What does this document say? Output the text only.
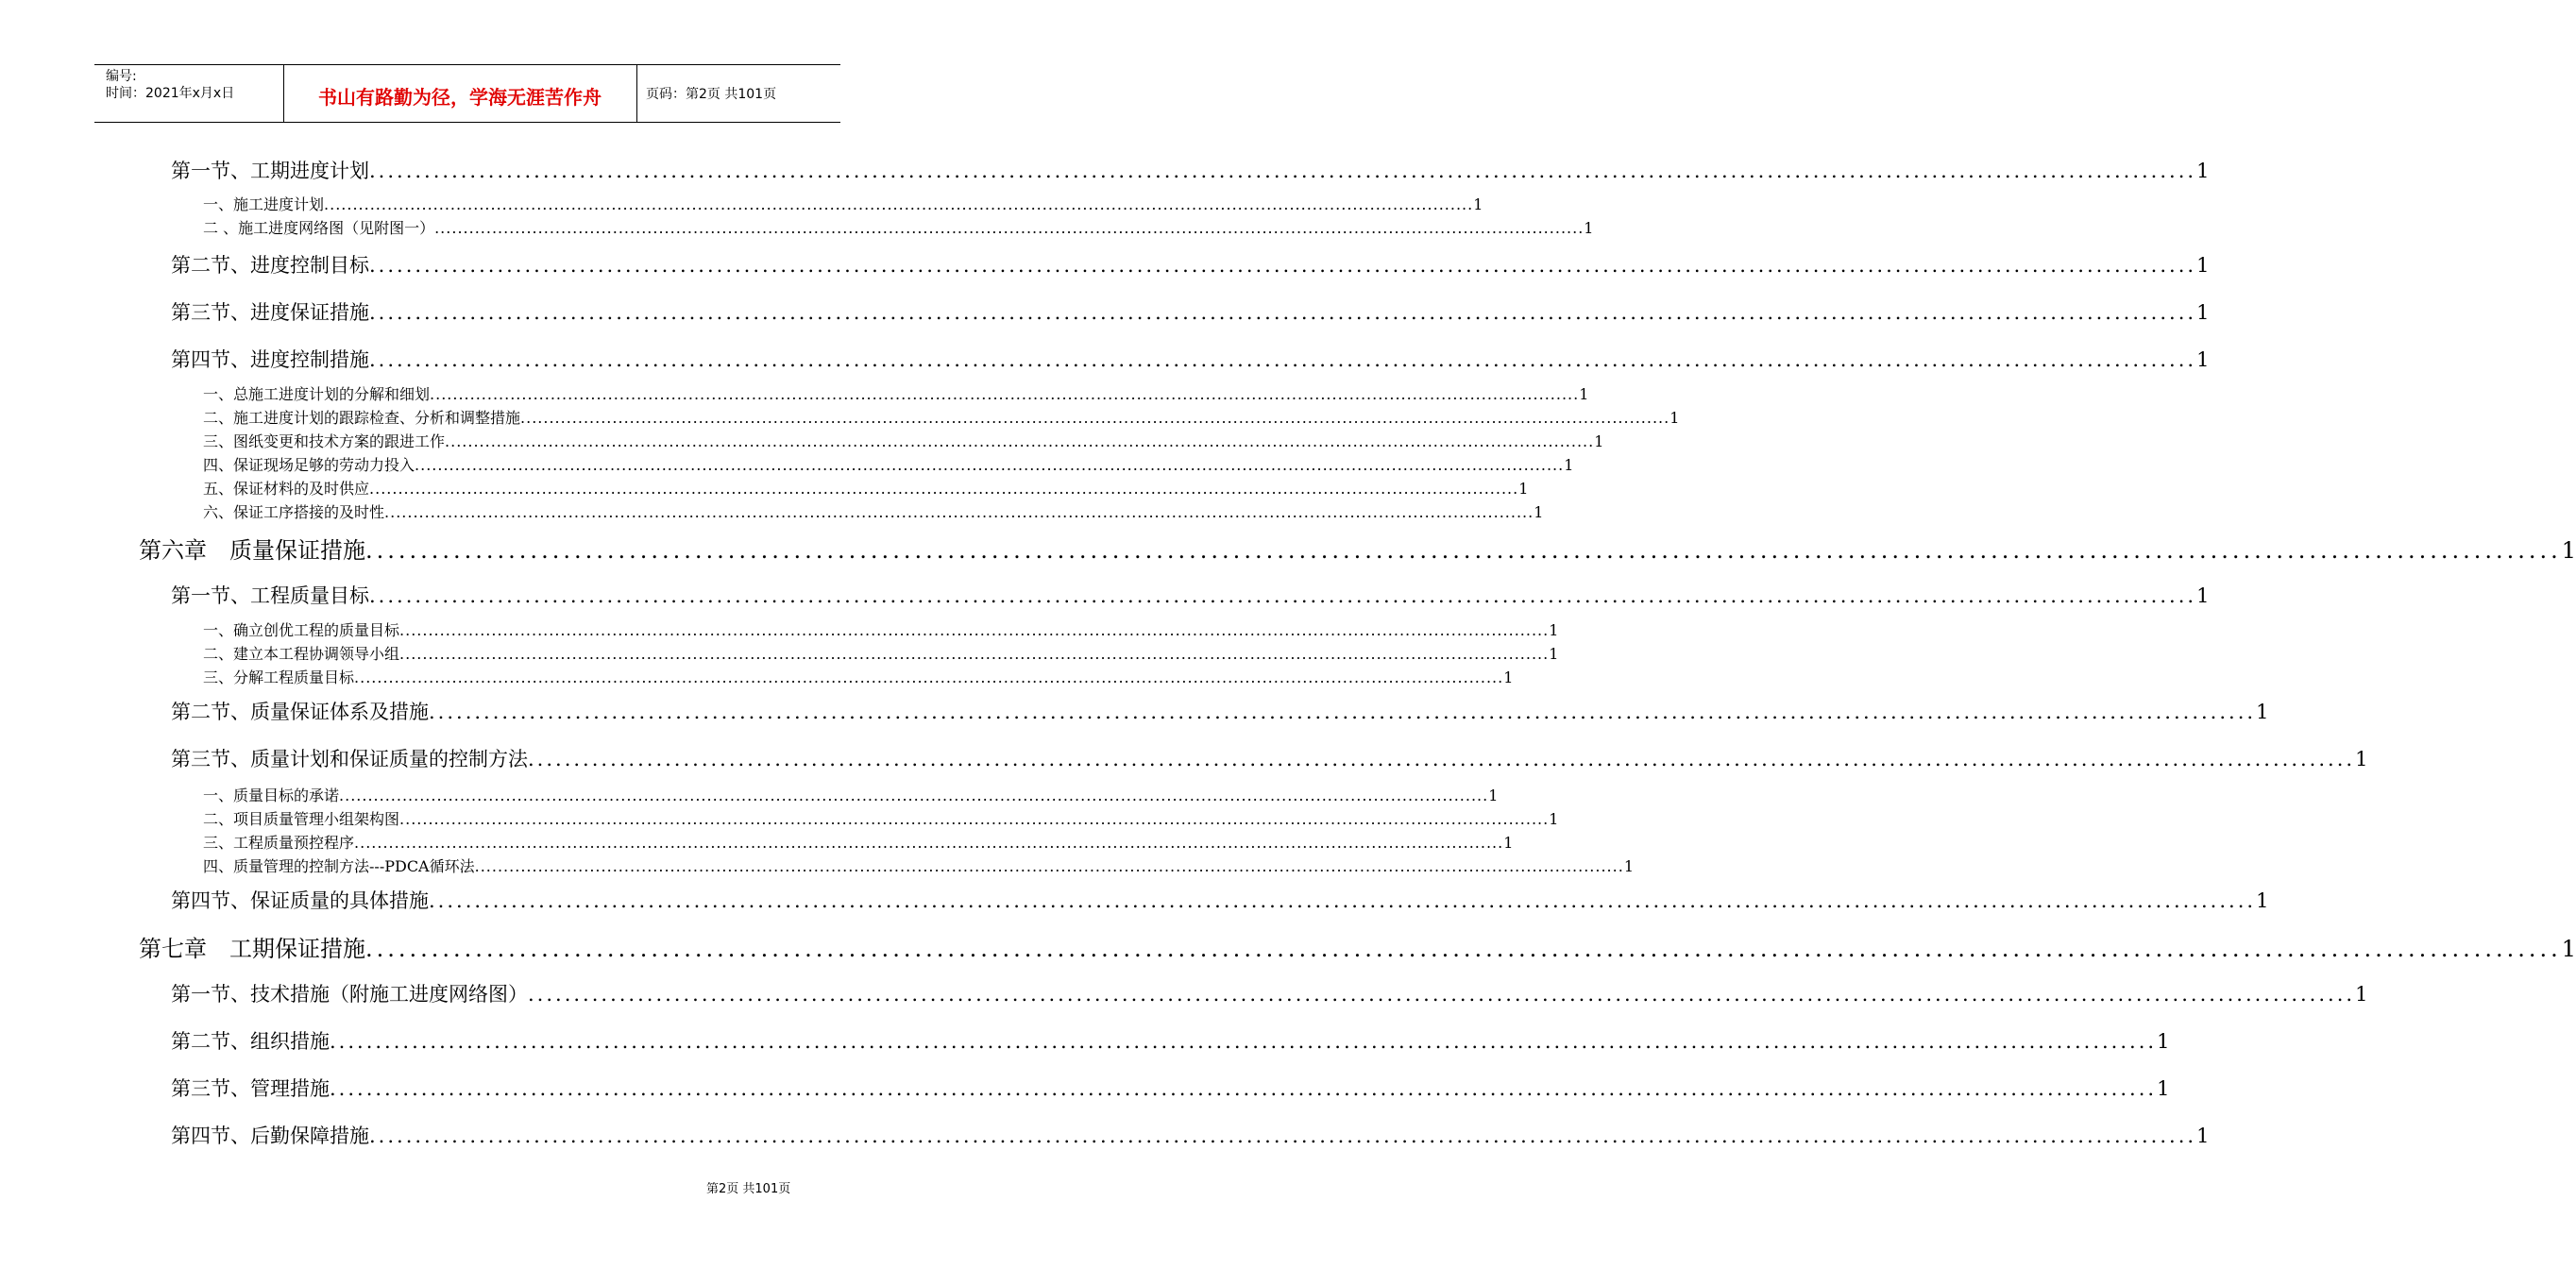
编号:
时间：2021年x月x日	书山有路勤为径，学海无涯苦作舟	页码：第2页 共101页
第一节、工期进度计划 ........................................................................................................................................................................................................ 1
一、施工进度计划 ........................................................................................................................................................................................................ 1
二 、施工进度网络图（见附图一） ........................................................................................................................................................................................................ 1
第二节、进度控制目标 ........................................................................................................................................................................................................ 1
第三节、进度保证措施 ........................................................................................................................................................................................................ 1
第四节、进度控制措施 ........................................................................................................................................................................................................ 1
一、总施工进度计划的分解和细划 ........................................................................................................................................................................................................ 1
二、施工进度计划的跟踪检查、分析和调整措施 ........................................................................................................................................................................................................ 1
三、图纸变更和技术方案的跟进工作 ........................................................................................................................................................................................................ 1
四、保证现场足够的劳动力投入 ........................................................................................................................................................................................................ 1
五、保证材料的及时供应 ........................................................................................................................................................................................................ 1
六、保证工序搭接的及时性 ........................................................................................................................................................................................................ 1
第六章　质量保证措施 ........................................................................................................................................................................................................ 1
第一节、工程质量目标 ........................................................................................................................................................................................................ 1
一、确立创优工程的质量目标 ........................................................................................................................................................................................................ 1
二、建立本工程协调领导小组 ........................................................................................................................................................................................................ 1
三、分解工程质量目标 ........................................................................................................................................................................................................ 1
第二节、质量保证体系及措施 ........................................................................................................................................................................................................ 1
第三节、质量计划和保证质量的控制方法 ........................................................................................................................................................................................................ 1
一、质量目标的承诺 ........................................................................................................................................................................................................ 1
二、项目质量管理小组架构图 ........................................................................................................................................................................................................ 1
三、工程质量预控程序 ........................................................................................................................................................................................................ 1
四、质量管理的控制方法---PDCA循环法 ........................................................................................................................................................................................................ 1
第四节、保证质量的具体措施 ........................................................................................................................................................................................................ 1
第七章　工期保证措施 ........................................................................................................................................................................................................ 1
第一节、技术措施（附施工进度网络图） ........................................................................................................................................................................................................ 1
第二节、组织措施 ........................................................................................................................................................................................................ 1
第三节、管理措施 ........................................................................................................................................................................................................ 1
第四节、后勤保障措施 ........................................................................................................................................................................................................ 1
第2页 共101页
